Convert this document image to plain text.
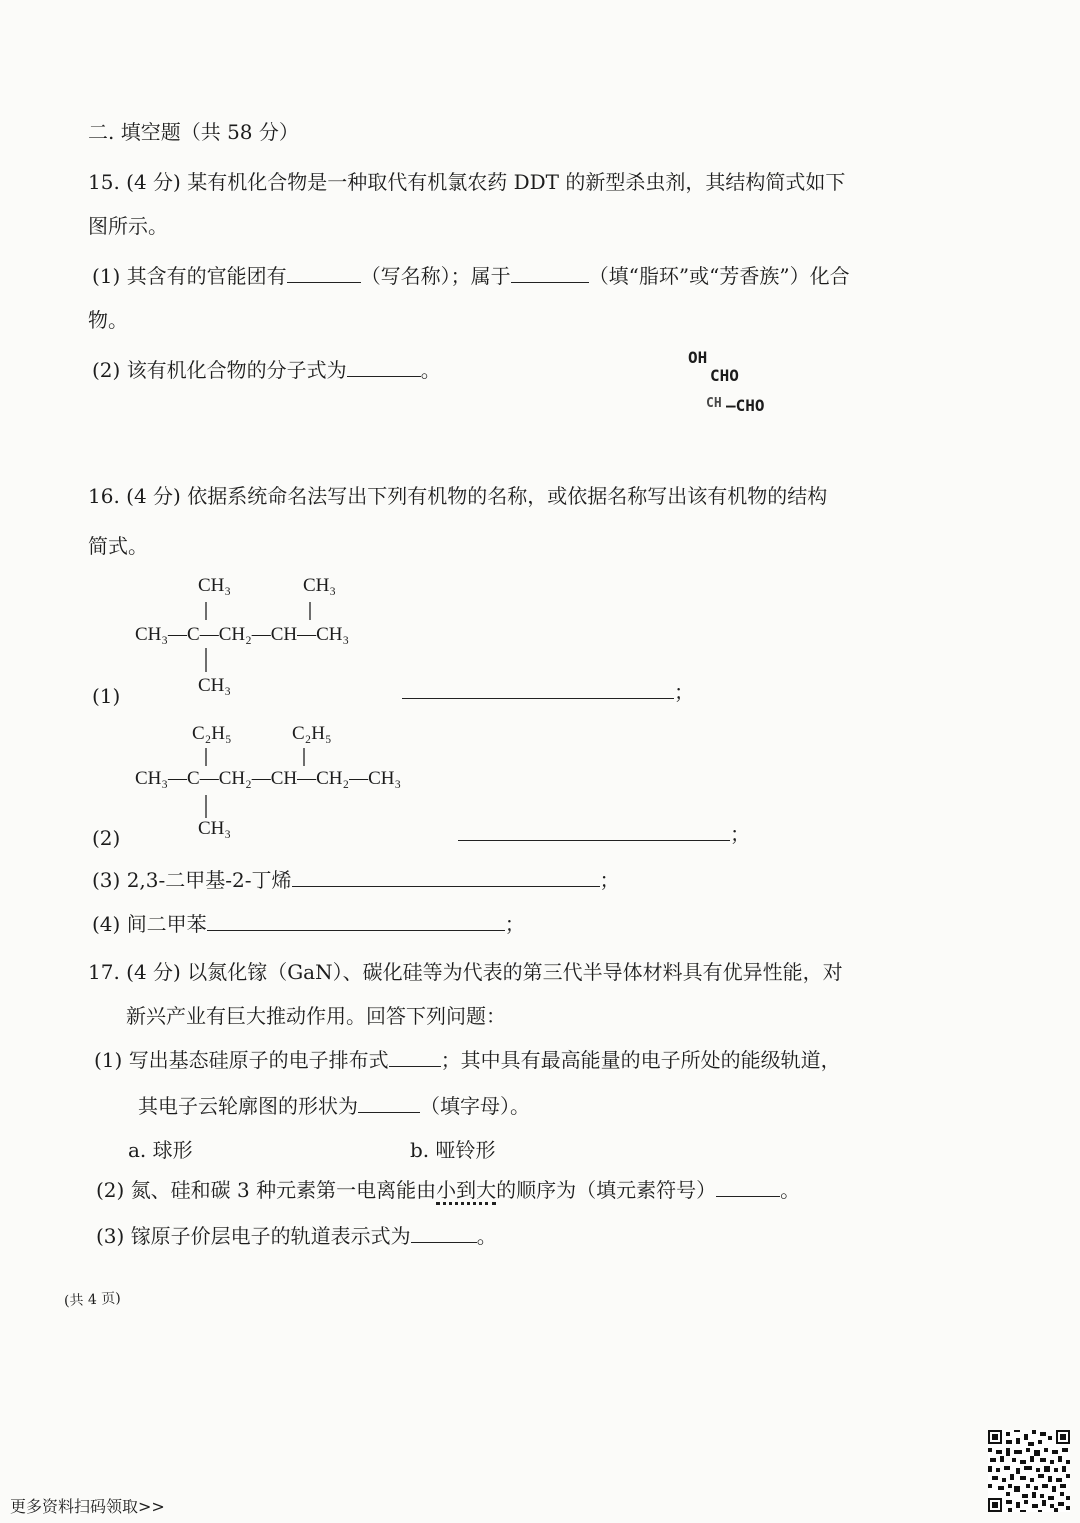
二. 填空题（共 58 分）
15. (4 分) 某有机化合物是一种取代有机氯农药 DDT 的新型杀虫剂，其结构简式如下
图所示。
(1) 其含有的官能团有	（写名称）；属于	（填“脂环”或“芳香族”）化合
物。
(2) 该有机化合物的分子式为	。
OH
CHO
CH –CHO
16. (4 分) 依据系统命名法写出下列有机物的名称，或依据名称写出该有机物的结构
简式。
CH₃	CH₃
CH₃—C—CH₂—CH—CH₃
CH₃
(1)	；
C₂H₅	C₂H₅
CH₃—C—CH₂—CH—CH₂—CH₃
CH₃
(2)	；
(3) 2,3-二甲基-2-丁烯	；
(4) 间二甲苯	；
17. (4 分) 以氮化镓（GaN）、碳化硅等为代表的第三代半导体材料具有优异性能，对
新兴产业有巨大推动作用。回答下列问题：
(1) 写出基态硅原子的电子排布式	；其中具有最高能量的电子所处的能级轨道，
其电子云轮廓图的形状为	（填字母）。
a. 球形	b. 哑铃形
(2) 氮、硅和碳 3 种元素第一电离能由小到大的顺序为（填元素符号）	。
(3) 镓原子价层电子的轨道表示式为	。
(共 4 页)
更多资料扫码领取>>
